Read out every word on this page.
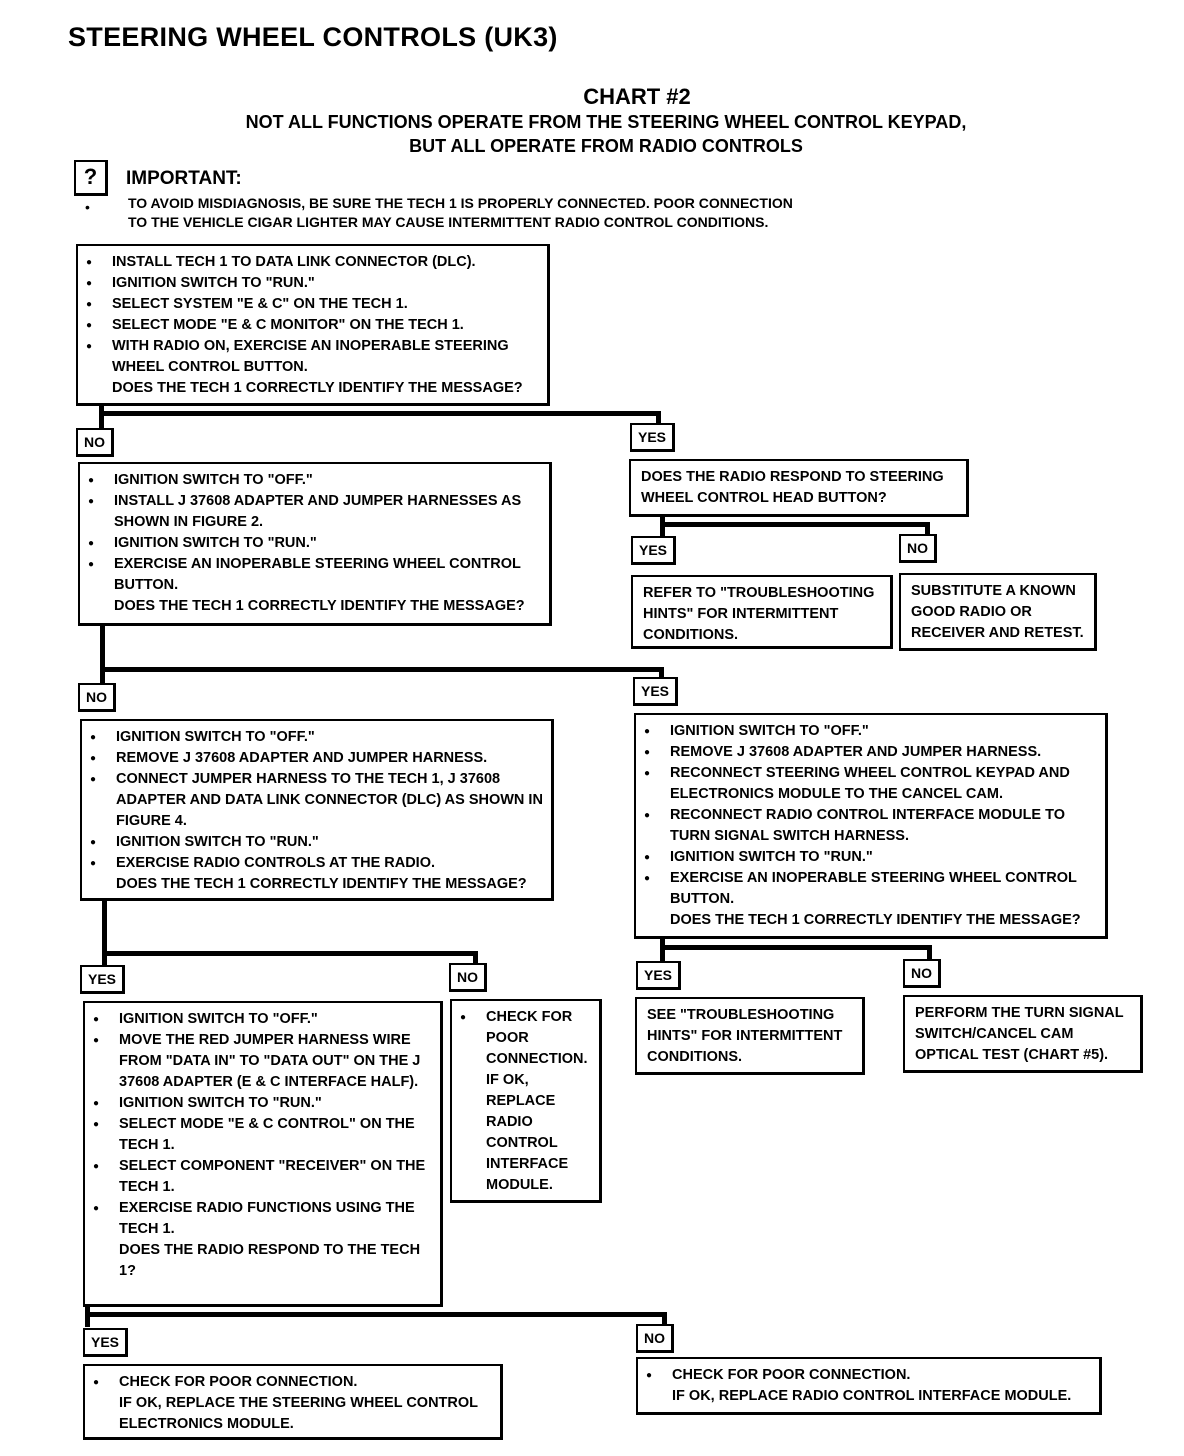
STEERING WHEEL CONTROLS (UK3)
CHART #2
NOT ALL FUNCTIONS OPERATE FROM THE STEERING WHEEL CONTROL KEYPAD,
BUT ALL OPERATE FROM RADIO CONTROLS
?	IMPORTANT:
•	TO AVOID MISDIAGNOSIS, BE SURE THE TECH 1 IS PROPERLY CONNECTED. POOR CONNECTION
TO THE VEHICLE CIGAR LIGHTER MAY CAUSE INTERMITTENT RADIO CONTROL CONDITIONS.
● INSTALL TECH 1 TO DATA LINK CONNECTOR (DLC).
● IGNITION SWITCH TO "RUN."
● SELECT SYSTEM "E & C" ON THE TECH 1.
● SELECT MODE "E & C MONITOR" ON THE TECH 1.
● WITH RADIO ON, EXERCISE AN INOPERABLE STEERING WHEEL CONTROL BUTTON.
DOES THE TECH 1 CORRECTLY IDENTIFY THE MESSAGE?
NO	YES
● IGNITION SWITCH TO "OFF."
● INSTALL J 37608 ADAPTER AND JUMPER HARNESSES AS SHOWN IN FIGURE 2.
● IGNITION SWITCH TO "RUN."
● EXERCISE AN INOPERABLE STEERING WHEEL CONTROL BUTTON.
DOES THE TECH 1 CORRECTLY IDENTIFY THE MESSAGE?
DOES THE RADIO RESPOND TO STEERING WHEEL CONTROL HEAD BUTTON?
YES	NO
REFER TO "TROUBLESHOOTING HINTS" FOR INTERMITTENT CONDITIONS.
SUBSTITUTE A KNOWN GOOD RADIO OR RECEIVER AND RETEST.
NO	YES
● IGNITION SWITCH TO "OFF."
● REMOVE J 37608 ADAPTER AND JUMPER HARNESS.
● CONNECT JUMPER HARNESS TO THE TECH 1, J 37608 ADAPTER AND DATA LINK CONNECTOR (DLC) AS SHOWN IN FIGURE 4.
● IGNITION SWITCH TO "RUN."
● EXERCISE RADIO CONTROLS AT THE RADIO.
DOES THE TECH 1 CORRECTLY IDENTIFY THE MESSAGE?
● IGNITION SWITCH TO "OFF."
● REMOVE J 37608 ADAPTER AND JUMPER HARNESS.
● RECONNECT STEERING WHEEL CONTROL KEYPAD AND ELECTRONICS MODULE TO THE CANCEL CAM.
● RECONNECT RADIO CONTROL INTERFACE MODULE TO TURN SIGNAL SWITCH HARNESS.
● IGNITION SWITCH TO "RUN."
● EXERCISE AN INOPERABLE STEERING WHEEL CONTROL BUTTON.
DOES THE TECH 1 CORRECTLY IDENTIFY THE MESSAGE?
YES	NO	YES	NO
● IGNITION SWITCH TO "OFF."
● MOVE THE RED JUMPER HARNESS WIRE FROM "DATA IN" TO "DATA OUT" ON THE J 37608 ADAPTER (E & C INTERFACE HALF).
● IGNITION SWITCH TO "RUN."
● SELECT MODE "E & C CONTROL" ON THE TECH 1.
● SELECT COMPONENT "RECEIVER" ON THE TECH 1.
● EXERCISE RADIO FUNCTIONS USING THE TECH 1.
DOES THE RADIO RESPOND TO THE TECH 1?
● CHECK FOR POOR CONNECTION. IF OK, REPLACE RADIO CONTROL INTERFACE MODULE.
SEE "TROUBLESHOOTING HINTS" FOR INTERMITTENT CONDITIONS.
PERFORM THE TURN SIGNAL SWITCH/CANCEL CAM OPTICAL TEST (CHART #5).
YES	NO
● CHECK FOR POOR CONNECTION.
IF OK, REPLACE THE STEERING WHEEL CONTROL ELECTRONICS MODULE.
● CHECK FOR POOR CONNECTION.
IF OK, REPLACE RADIO CONTROL INTERFACE MODULE.
